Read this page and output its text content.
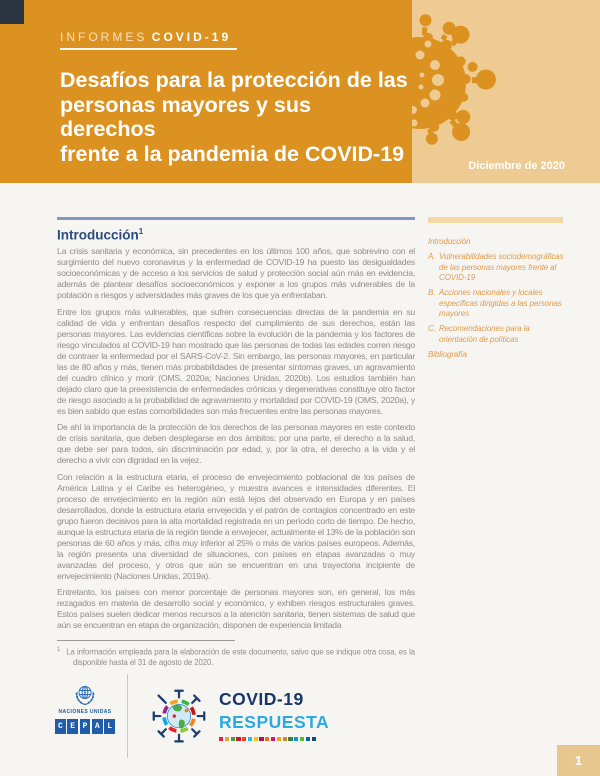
INFORMES COVID-19
Desafíos para la protección de las
personas mayores y sus derechos
frente a la pandemia de COVID-19
Diciembre de 2020
Introducción$^1$

La crisis sanitaria y económica, sin precedentes en los últimos 100 años, que sobrevino con el surgimiento del nuevo coronavirus y la enfermedad de COVID-19 ha puesto las desigualdades socioeconómicas y de acceso a los servicios de salud y protección social aún más en evidencia, además de plantear desafíos socioeconómicos y exponer a los grupos más vulnerables de la población a riesgos y adversidades más graves de los que ya enfrentaban.

Entre los grupos más vulnerables, que sufren consecuencias directas de la pandemia en su calidad de vida y enfrentan desafíos respecto del cumplimiento de sus derechos, están las personas mayores. Las evidencias científicas sobre la evolución de la pandemia y los factores de riesgo vinculados al COVID-19 han mostrado que las personas de todas las edades corren riesgo de contraer la enfermedad por el SARS-CoV-2. Sin embargo, las personas mayores, en particular las de 80 años y más, tienen más probabilidades de presentar síntomas graves, un agravamiento del cuadro clínico y morir (OMS, 2020a; Naciones Unidas, 2020b). Los estudios también han dejado claro que la preexistencia de enfermedades crónicas y degenerativas constituye otro factor de riesgo asociado a la probabilidad de agravamiento y mortalidad por COVID-19 (OMS, 2020a), y es bien sabido que estas comorbilidades son más frecuentes entre las personas mayores.

De ahí la importancia de la protección de los derechos de las personas mayores en este contexto de crisis sanitaria, que deben desplegarse en dos ámbitos: por una parte, el derecho a la salud, que debe ser para todos, sin discriminación por edad, y, por la otra, el derecho a la vida y el derecho a vivir con dignidad en la vejez.

Con relación a la estructura etaria, el proceso de envejecimiento poblacional de los países de América Latina y el Caribe es heterogéneo, y muestra avances e intensidades diferentes. El proceso de envejecimiento en la región aún está lejos del observado en Europa y en países desarrollados, donde la estructura etaria envejecida y el patrón de contagios concentrado en este grupo fueron decisivos para la alta mortalidad registrada en un período corto de tiempo. De hecho, aunque la estructura etaria de la región tiende a envejecer, actualmente el 13% de la población son personas de 60 años y más, cifra muy inferior al 25% o más de varios países europeos. Además, la región presenta una diversidad de situaciones, con países en etapas avanzadas o muy avanzadas del proceso, y otros que aún se encuentran en una trayectoria incipiente de envejecimiento (Naciones Unidas, 2019a).

Entretanto, los países con menor porcentaje de personas mayores son, en general, los más rezagados en materia de desarrollo social y económico, y exhiben riesgos estructurales graves. Estos países suelen dedicar menos recursos a la atención sanitaria, tienen sistemas de salud que aún se encuentran en etapa de organización, disponen de experiencia limitada

Introducción
A. Vulnerabilidades sociodemográficas de las personas mayores frente al COVID-19
B. Acciones nacionales y locales específicas dirigidas a las personas mayores
C. Recomendaciones para la orientación de políticas
Bibliografía

$^1$ La información empleada para la elaboración de este documento, salvo que se indique otra cosa, es la disponible hasta el 31 de agosto de 2020.

NACIONES UNIDAS
C E P A L
COVID-19
RESPUESTA
1
